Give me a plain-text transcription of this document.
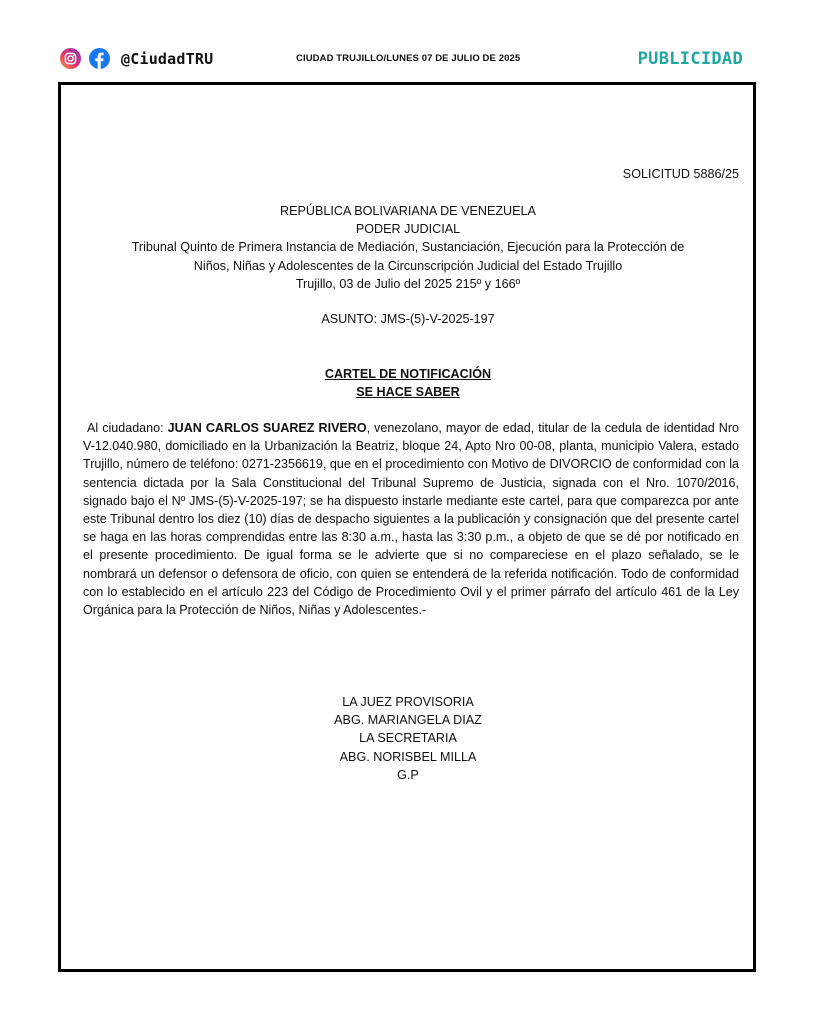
@CiudadTRU	CIUDAD TRUJILLO/LUNES 07 DE JULIO DE 2025	PUBLICIDAD
SOLICITUD 5886/25
REPÚBLICA BOLIVARIANA DE VENEZUELA
PODER JUDICIAL
Tribunal Quinto de Primera Instancia de Mediación, Sustanciación, Ejecución para la Protección de
Niños, Niñas y Adolescentes de la Circunscripción Judicial del Estado Trujillo
Trujillo, 03 de Julio del 2025 215º y 166º
ASUNTO: JMS-(5)-V-2025-197
CARTEL DE NOTIFICACIÓN
SE HACE SABER
Al ciudadano: JUAN CARLOS SUAREZ RIVERO, venezolano, mayor de edad, titular de la cedula de identidad Nro V-12.040.980, domiciliado en la Urbanización la Beatriz, bloque 24, Apto Nro 00-08, planta, municipio Valera, estado Trujillo, número de teléfono: 0271-2356619, que en el procedimiento con Motivo de DIVORCIO de conformidad con la sentencia dictada por la Sala Constitucional del Tribunal Supremo de Justicia, signada con el Nro. 1070/2016, signado bajo el Nº JMS-(5)-V-2025-197; se ha dispuesto instarle mediante este cartel, para que comparezca por ante este Tribunal dentro los diez (10) días de despacho siguientes a la publicación y consignación que del presente cartel se haga en las horas comprendidas entre las 8:30 a.m., hasta las 3:30 p.m., a objeto de que se dé por notificado en el presente procedimiento. De igual forma se le advierte que si no compareciese en el plazo señalado, se le nombrará un defensor o defensora de oficio, con quien se entenderá de la referida notificación. Todo de conformidad con lo establecido en el artículo 223 del Código de Procedimiento Ovil y el primer párrafo del artículo 461 de la Ley Orgánica para la Protección de Niños, Niñas y Adolescentes.-
LA JUEZ PROVISORIA
ABG. MARIANGELA DIAZ
LA SECRETARIA
ABG. NORISBEL MILLA
G.P
